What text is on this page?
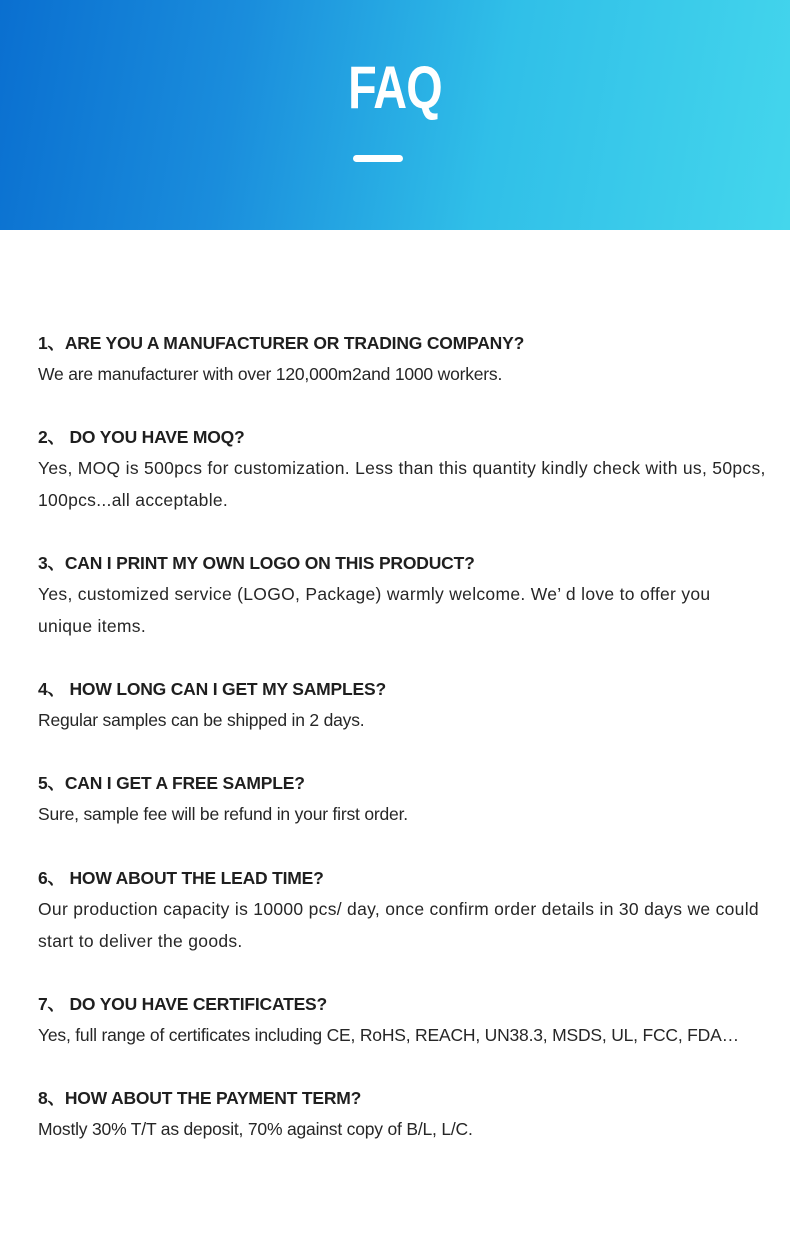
FAQ
1、ARE YOU A MANUFACTURER OR TRADING COMPANY?
We are manufacturer with over 120,000m2and 1000 workers.
2、 DO YOU HAVE MOQ?
Yes, MOQ is 500pcs for customization. Less than this quantity kindly check with us, 50pcs, 100pcs...all acceptable.
3、CAN I PRINT MY OWN LOGO ON THIS PRODUCT?
Yes, customized service (LOGO, Package) warmly welcome. We’ d love to offer you unique items.
4、 HOW LONG CAN I GET MY SAMPLES?
Regular samples can be shipped in 2 days.
5、CAN I GET A FREE SAMPLE?
Sure, sample fee will be refund in your first order.
6、 HOW ABOUT THE LEAD TIME?
Our production capacity is 10000 pcs/ day, once confirm order details in 30 days we could start to deliver the goods.
7、 DO YOU HAVE CERTIFICATES?
Yes, full range of certificates including CE, RoHS, REACH, UN38.3, MSDS, UL, FCC, FDA…
8、HOW ABOUT THE PAYMENT TERM?
Mostly 30% T/T as deposit, 70% against copy of B/L, L/C.
